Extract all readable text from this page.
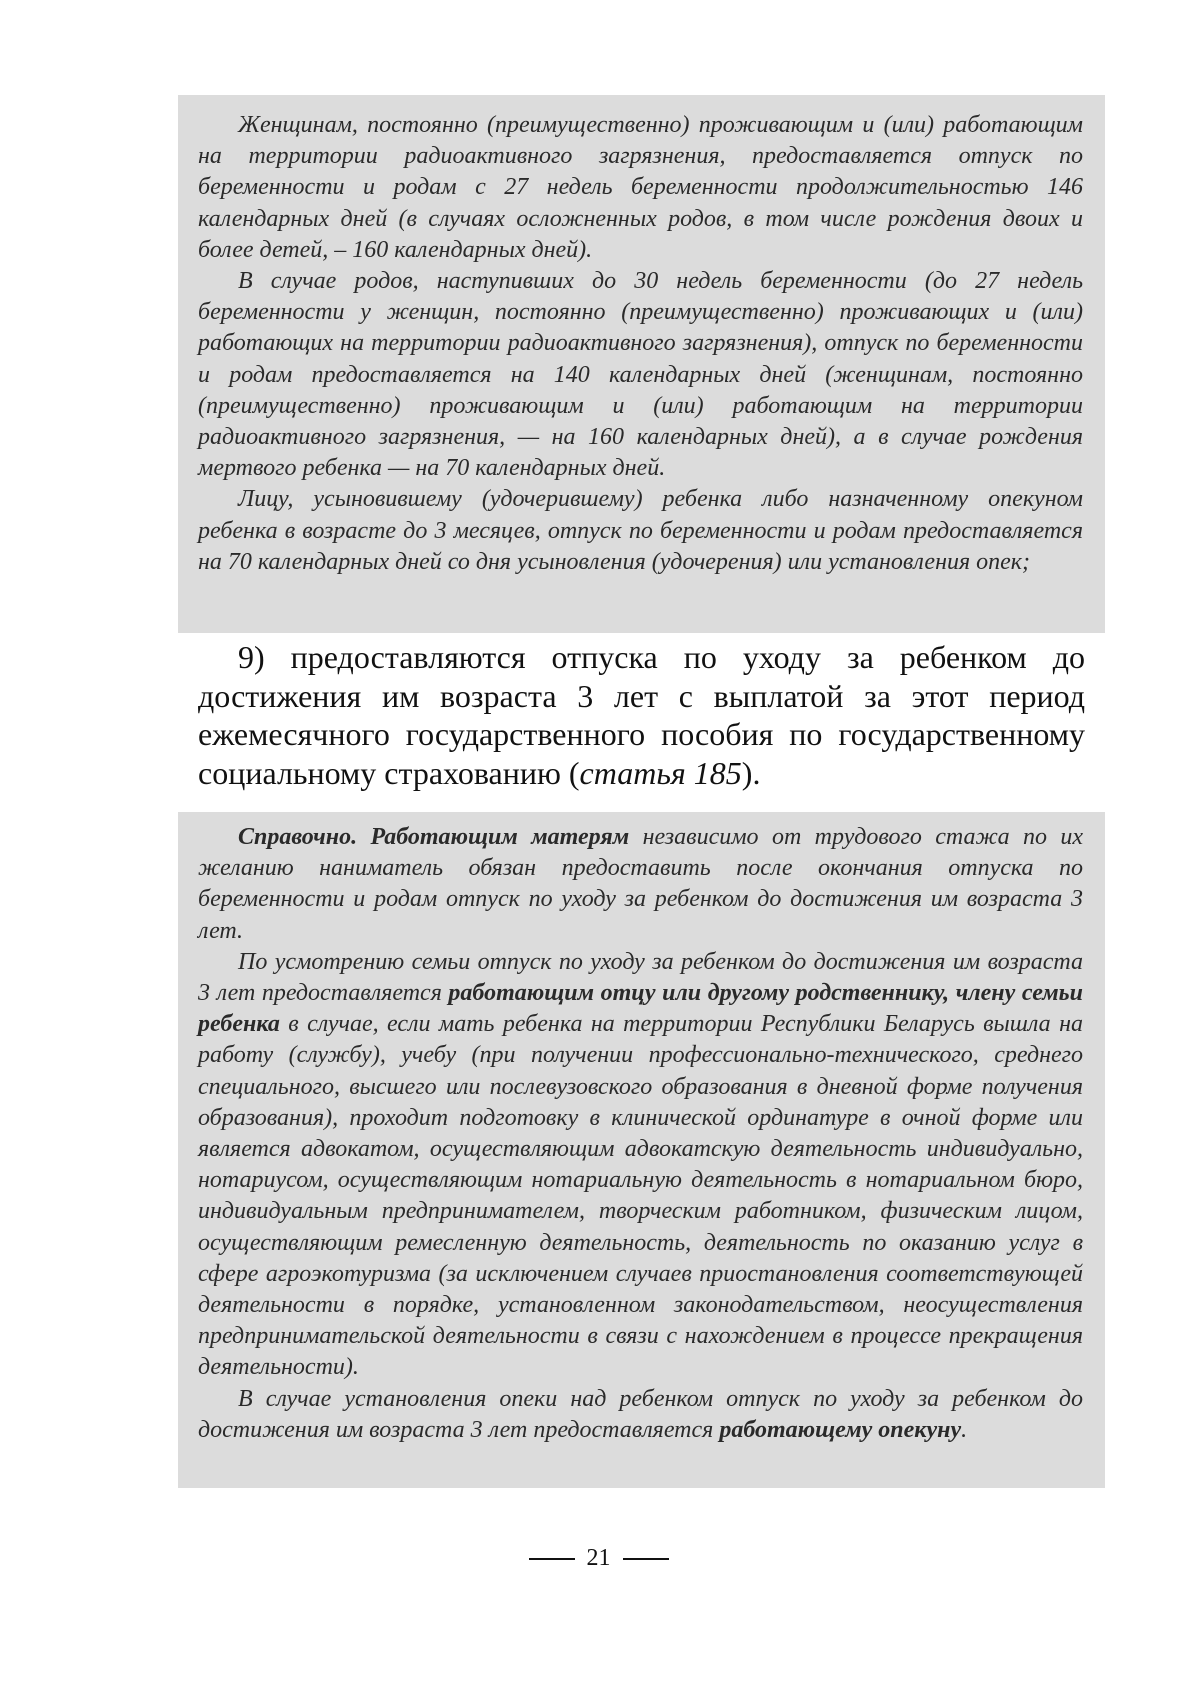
Женщинам, постоянно (преимущественно) проживающим и (или) работающим на территории радиоактивного загрязнения, предоставляется отпуск по беременности и родам с 27 недель беременности продолжительностью 146 календарных дней (в случаях осложненных родов, в том числе рождения двоих и более детей, – 160 календарных дней).

В случае родов, наступивших до 30 недель беременности (до 27 недель беременности у женщин, постоянно (преимущественно) проживающих и (или) работающих на территории радиоактивного загрязнения), отпуск по беременности и родам предоставляется на 140 календарных дней (женщинам, постоянно (преимущественно) проживающим и (или) работающим на территории радиоактивного загрязнения, — на 160 календарных дней), а в случае рождения мертвого ребенка — на 70 календарных дней.

Лицу, усыновившему (удочерившему) ребенка либо назначенному опекуном ребенка в возрасте до 3 месяцев, отпуск по беременности и родам предоставляется на 70 календарных дней со дня усыновления (удочерения) или установления опек;

9) предоставляются отпуска по уходу за ребенком до достижения им возраста 3 лет с выплатой за этот период ежемесячного государственного пособия по государственному социальному страхованию (статья 185).

Справочно. Работающим матерям независимо от трудового стажа по их желанию наниматель обязан предоставить после окончания отпуска по беременности и родам отпуск по уходу за ребенком до достижения им возраста 3 лет.

По усмотрению семьи отпуск по уходу за ребенком до достижения им возраста 3 лет предоставляется работающим отцу или другому родственнику, члену семьи ребенка в случае, если мать ребенка на территории Республики Беларусь вышла на работу (службу), учебу (при получении профессионально-технического, среднего специального, высшего или послевузовского образования в дневной форме получения образования), проходит подготовку в клинической ординатуре в очной форме или является адвокатом, осуществляющим адвокатскую деятельность индивидуально, нотариусом, осуществляющим нотариальную деятельность в нотариальном бюро, индивидуальным предпринимателем, творческим работником, физическим лицом, осуществляющим ремесленную деятельность, деятельность по оказанию услуг в сфере агроэкотуризма (за исключением случаев приостановления соответствующей деятельности в порядке, установленном законодательством, неосуществления предпринимательской деятельности в связи с нахождением в процессе прекращения деятельности).

В случае установления опеки над ребенком отпуск по уходу за ребенком до достижения им возраста 3 лет предоставляется работающему опекуну.

21
